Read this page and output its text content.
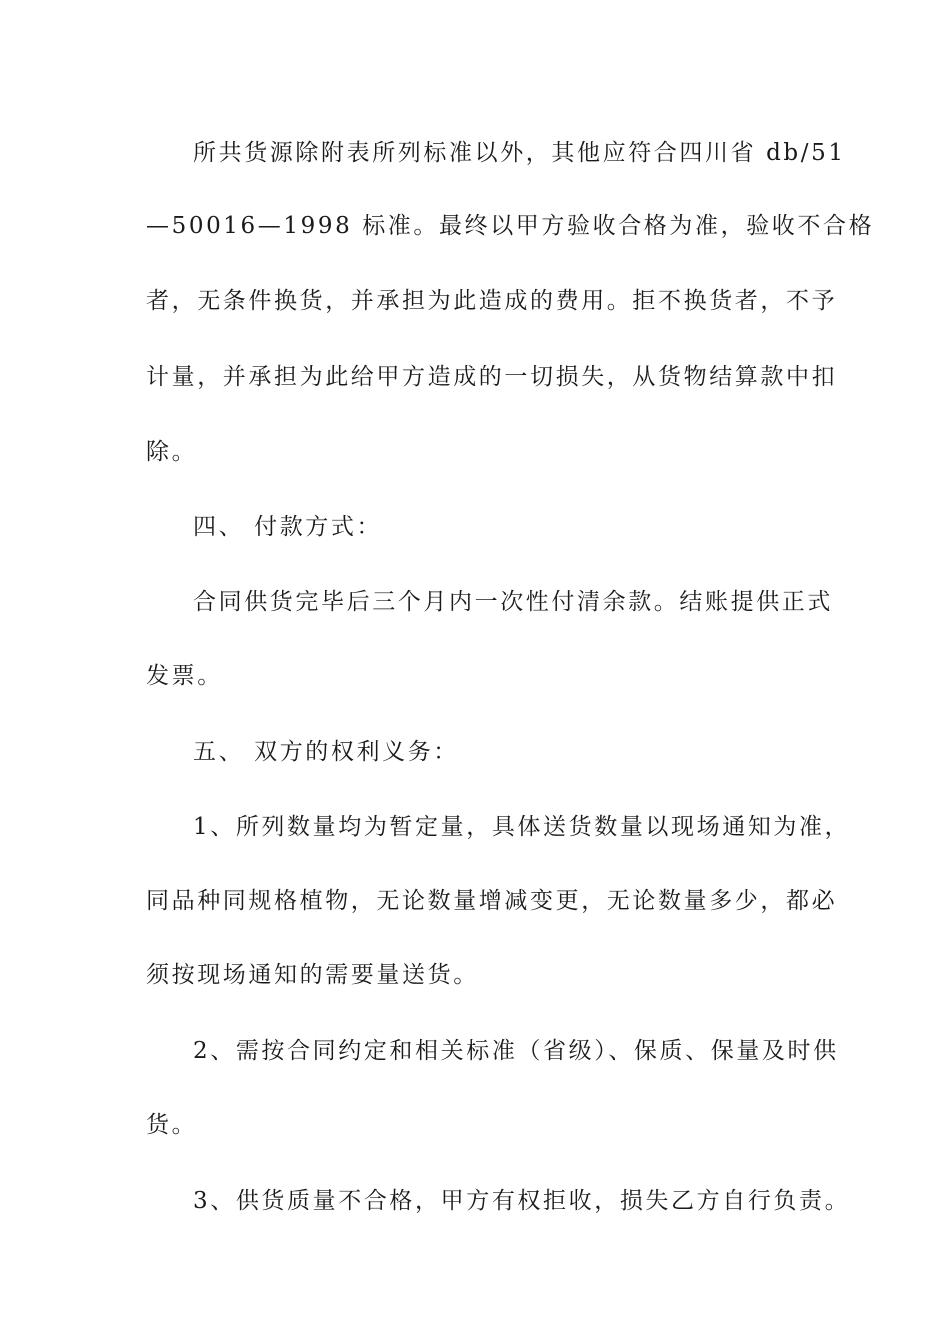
所共货源除附表所列标准以外，其他应符合四川省 db/51
—50016—1998 标准。最终以甲方验收合格为准，验收不合格
者，无条件换货，并承担为此造成的费用。拒不换货者，不予
计量，并承担为此给甲方造成的一切损失，从货物结算款中扣
除。
四、 付款方式：
合同供货完毕后三个月内一次性付清余款。结账提供正式
发票。
五、 双方的权利义务：
1、所列数量均为暂定量，具体送货数量以现场通知为准，
同品种同规格植物，无论数量增减变更，无论数量多少，都必
须按现场通知的需要量送货。
2、需按合同约定和相关标准（省级）、保质、保量及时供
货。
3、供货质量不合格，甲方有权拒收，损失乙方自行负责。
